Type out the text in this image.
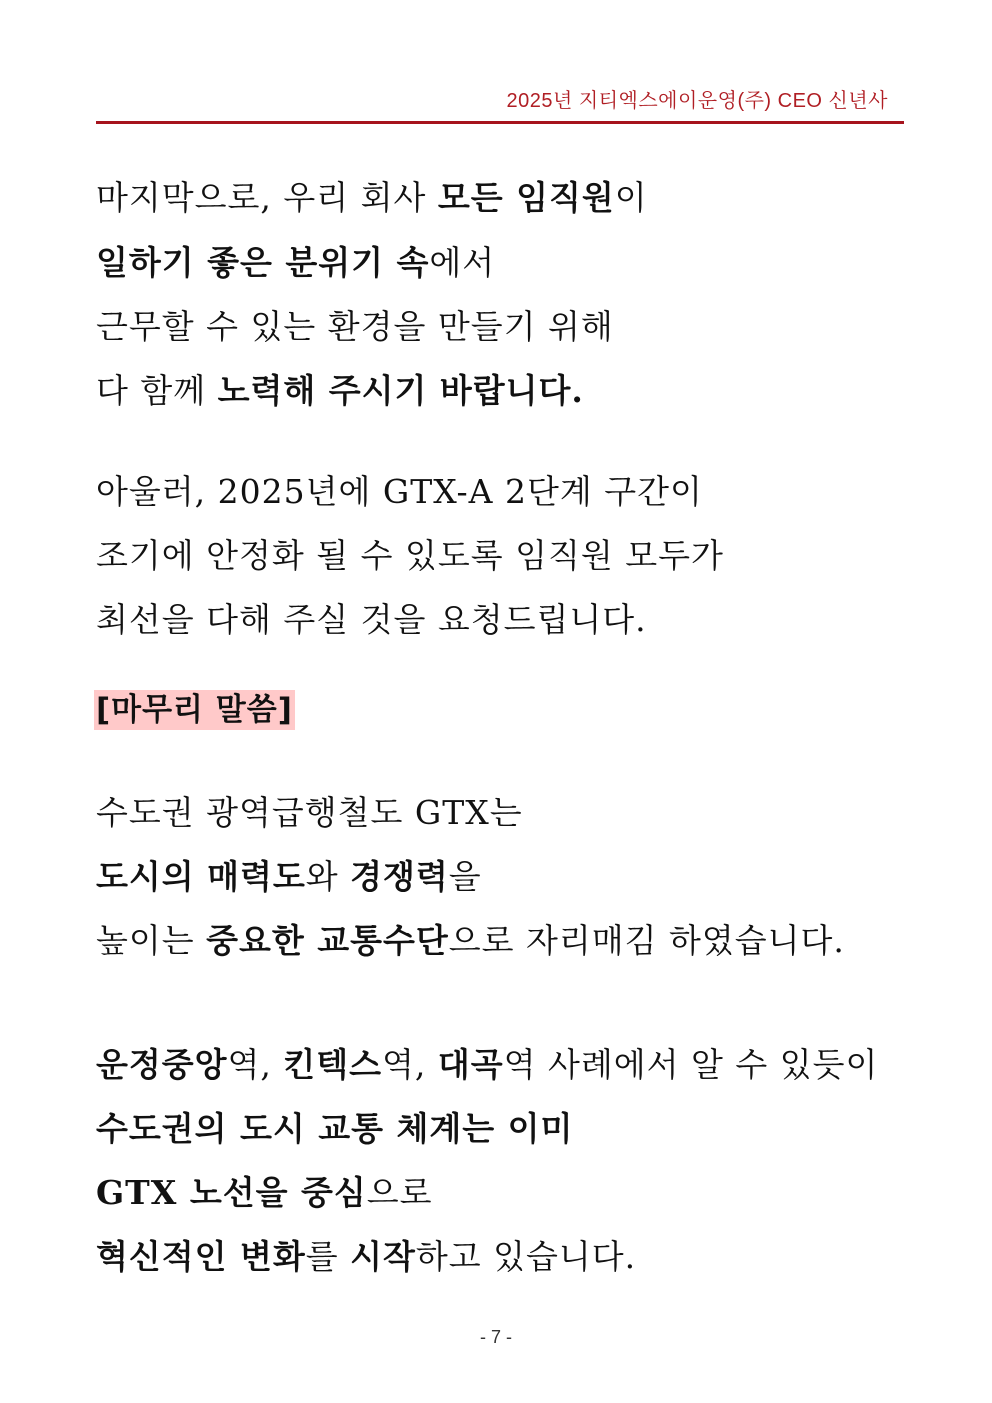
2025년 지티엑스에이운영(주) CEO 신년사
마지막으로, 우리 회사 모든 임직원이
일하기 좋은 분위기 속에서
근무할 수 있는 환경을 만들기 위해
다 함께 노력해 주시기 바랍니다.
아울러, 2025년에 GTX-A 2단계 구간이
조기에 안정화 될 수 있도록 임직원 모두가
최선을 다해 주실 것을 요청드립니다.
[마무리 말씀]
수도권 광역급행철도 GTX는
도시의 매력도와 경쟁력을
높이는 중요한 교통수단으로 자리매김 하였습니다.
운정중앙역, 킨텍스역, 대곡역 사례에서 알 수 있듯이
수도권의 도시 교통 체계는 이미
GTX 노선을 중심으로
혁신적인 변화를 시작하고 있습니다.
- 7 -
